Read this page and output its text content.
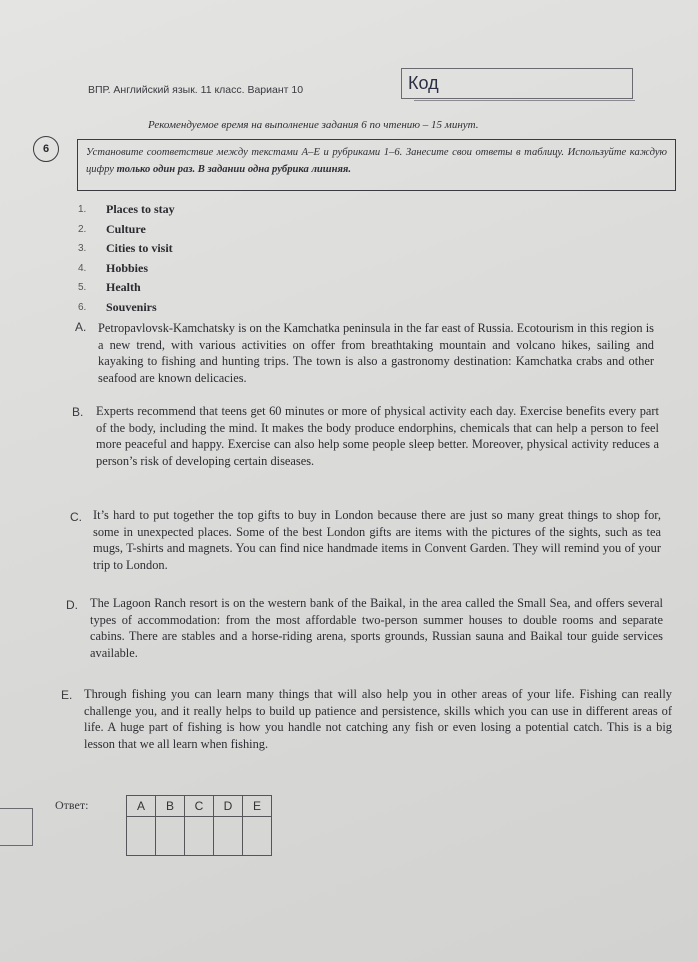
ВПР. Английский язык. 11 класс. Вариант 10	Код
Рекомендуемое время на выполнение задания 6 по чтению – 15 минут.
6	Установите соответствие между текстами A–E и рубриками 1–6. Занесите свои ответы в таблицу. Используйте каждую цифру только один раз. В задании одна рубрика лишняя.
1.	Places to stay
2.	Culture
3.	Cities to visit
4.	Hobbies
5.	Health
6.	Souvenirs
A. Petropavlovsk-Kamchatsky is on the Kamchatka peninsula in the far east of Russia. Ecotourism in this region is a new trend, with various activities on offer from breathtaking mountain and volcano hikes, sailing and kayaking to fishing and hunting trips. The town is also a gastronomy destination: Kamchatka crabs and other seafood are known delicacies.
B. Experts recommend that teens get 60 minutes or more of physical activity each day. Exercise benefits every part of the body, including the mind. It makes the body produce endorphins, chemicals that can help a person to feel more peaceful and happy. Exercise can also help some people sleep better. Moreover, physical activity reduces a person’s risk of developing certain diseases.
C. It’s hard to put together the top gifts to buy in London because there are just so many great things to shop for, some in unexpected places. Some of the best London gifts are items with the pictures of the sights, such as tea mugs, T-shirts and magnets. You can find nice handmade items in Convent Garden. They will remind you of your trip to London.
D. The Lagoon Ranch resort is on the western bank of the Baikal, in the area called the Small Sea, and offers several types of accommodation: from the most affordable two-person summer houses to double rooms and separate cabins. There are stables and a horse-riding arena, sports grounds, Russian sauna and Baikal tour guide services available.
E. Through fishing you can learn many things that will also help you in other areas of your life. Fishing can really challenge you, and it really helps to build up patience and persistence, skills which you can use in different areas of life. A huge part of fishing is how you handle not catching any fish or even losing a potential catch. This is a big lesson that we all learn when fishing.
Ответ:	A	B	C	D	E
